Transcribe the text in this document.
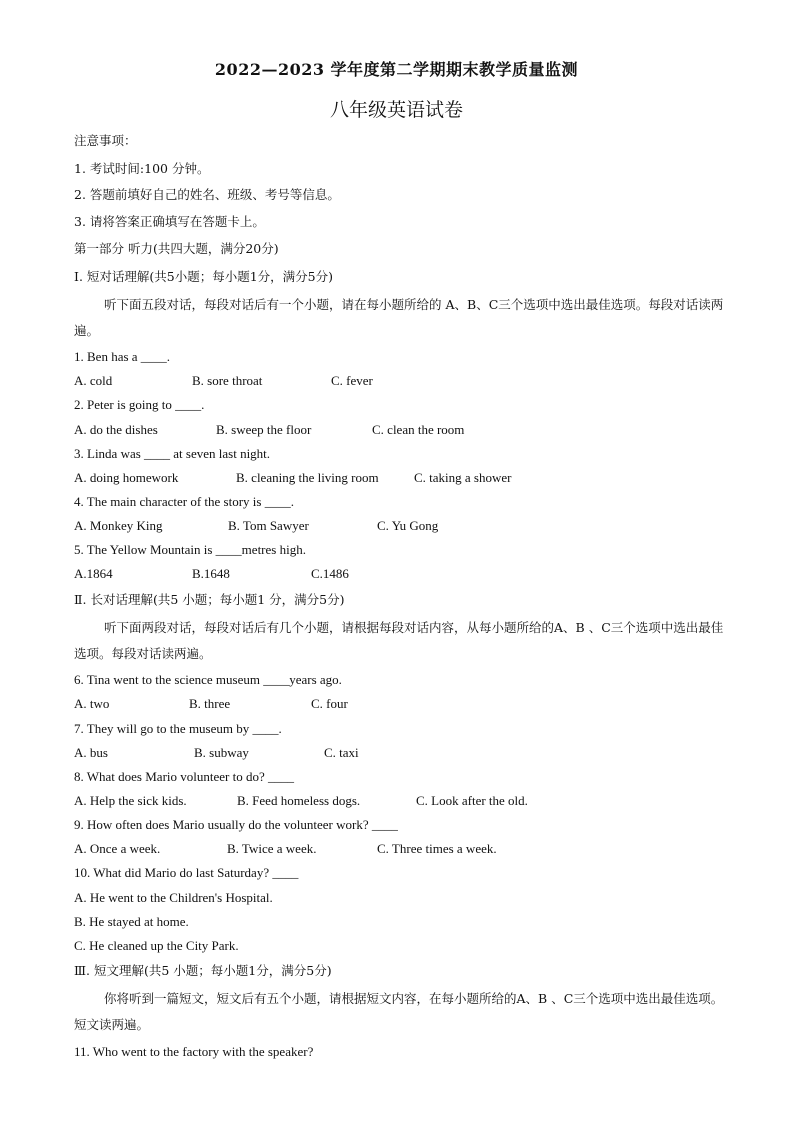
2022—2023 学年度第二学期期末教学质量监测
八年级英语试卷
注意事项：
1. 考试时间:100 分钟。
2. 答题前填好自己的姓名、班级、考号等信息。
3. 请将答案正确填写在答题卡上。
第一部分 听力(共四大题，满分20分)
Ⅰ. 短对话理解(共5小题；每小题1分，满分5分)
听下面五段对话，每段对话后有一个小题，请在每小题所给的 A、B、C三个选项中选出最佳选项。每段对话读两遍。
1. Ben has a ____.
A. cold	B. sore throat	C. fever
2. Peter is going to ____.
A. do the dishes	B. sweep the floor	C. clean the room
3. Linda was ____ at seven last night.
A. doing homework	B. cleaning the living room	C. taking a shower
4. The main character of the story is ____.
A. Monkey King	B. Tom Sawyer	C. Yu Gong
5. The Yellow Mountain is ____metres high.
A.1864	B.1648	C.1486
Ⅱ. 长对话理解(共5 小题；每小题1 分，满分5分)
听下面两段对话，每段对话后有几个小题，请根据每段对话内容，从每小题所给的A、B 、C三个选项中选出最佳选项。每段对话读两遍。
6. Tina went to the science museum ____years ago.
A. two	B. three	C. four
7. They will go to the museum by ____.
A. bus	B. subway	C. taxi
8. What does Mario volunteer to do? ____
A. Help the sick kids.	B. Feed homeless dogs.	C. Look after the old.
9. How often does Mario usually do the volunteer work? ____
A. Once a week.	B. Twice a week.	C. Three times a week.
10. What did Mario do last Saturday? ____
A. He went to the Children's Hospital.
B. He stayed at home.
C. He cleaned up the City Park.
Ⅲ. 短文理解(共5 小题；每小题1分，满分5分)
你将听到一篇短文，短文后有五个小题，请根据短文内容，在每小题所给的A、B 、C三个选项中选出最佳选项。短文读两遍。
11. Who went to the factory with the speaker?
